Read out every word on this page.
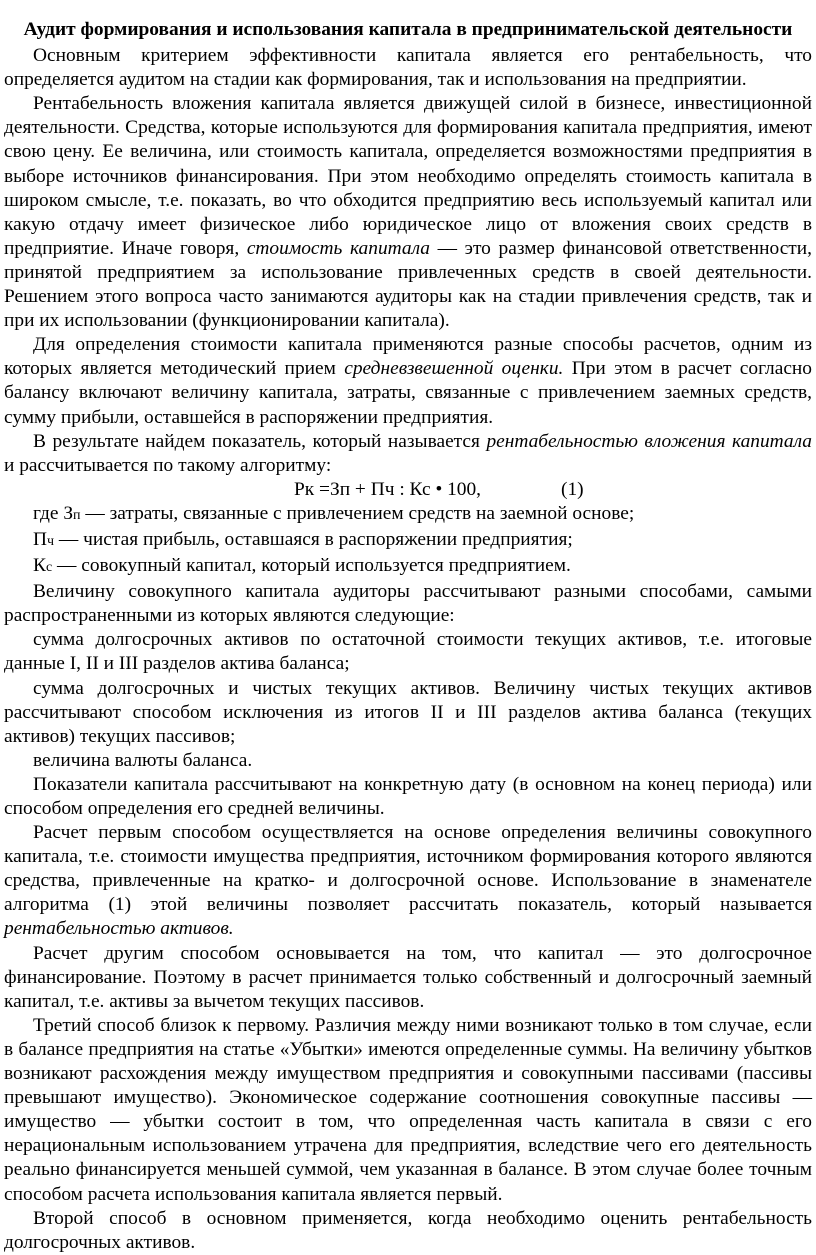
Аудит формирования и использования капитала в предпринимательской деятельности

Основным критерием эффективности капитала является его рентабельность, что определяется аудитом на стадии как формирования, так и использования на предприятии.

Рентабельность вложения капитала является движущей силой в бизнесе, инвестиционной деятельности. Средства, которые используются для формирования капитала предприятия, имеют свою цену. Ее величина, или стоимость капитала, определяется возможностями предприятия в выборе источников финансирования. При этом необходимо определять стоимость капитала в широком смысле, т.е. показать, во что обходится предприятию весь используемый капитал или какую отдачу имеет физическое либо юридическое лицо от вложения своих средств в предприятие. Иначе говоря, стоимость капитала — это размер финансовой ответственности, принятой предприятием за использование привлеченных средств в своей деятельности. Решением этого вопроса часто занимаются аудиторы как на стадии привлечения средств, так и при их использовании (функционировании капитала).

Для определения стоимости капитала применяются разные способы расчетов, одним из которых является методический прием средневзвешенной оценки. При этом в расчет согласно балансу включают величину капитала, затраты, связанные с привлечением заемных средств, сумму прибыли, оставшейся в распоряжении предприятия.

В результате найдем показатель, который называется рентабельностью вложения капитала и рассчитывается по такому алгоритму:

Рк =Зп + Пч : Кс • 100,	(1)

где Зп — затраты, связанные с привлечением средств на заемной основе;

Пч — чистая прибыль, оставшаяся в распоряжении предприятия;

Кс — совокупный капитал, который используется предприятием.

Величину совокупного капитала аудиторы рассчитывают разными способами, самыми распространенными из которых являются следующие:

сумма долгосрочных активов по остаточной стоимости текущих активов, т.е. итоговые данные I, II и III разделов актива баланса;

сумма долгосрочных и чистых текущих активов. Величину чистых текущих активов рассчитывают способом исключения из итогов II и III разделов актива баланса (текущих активов) текущих пассивов;

величина валюты баланса.

Показатели капитала рассчитывают на конкретную дату (в основном на конец периода) или способом определения его средней величины.

Расчет первым способом осуществляется на основе определения величины совокупного капитала, т.е. стоимости имущества предприятия, источником формирования которого являются средства, привлеченные на кратко- и долгосрочной основе. Использование в знаменателе алгоритма (1) этой величины позволяет рассчитать показатель, который называется рентабельностью активов.

Расчет другим способом основывается на том, что капитал — это долгосрочное финансирование. Поэтому в расчет принимается только собственный и долгосрочный заемный капитал, т.е. активы за вычетом текущих пассивов.

Третий способ близок к первому. Различия между ними возникают только в том случае, если в балансе предприятия на статье «Убытки» имеются определенные суммы. На величину убытков возникают расхождения между имуществом предприятия и совокупными пассивами (пассивы превышают имущество). Экономическое содержание соотношения совокупные пассивы — имущество — убытки состоит в том, что определенная часть капитала в связи с его нерациональным использованием утрачена для предприятия, вследствие чего его деятельность реально финансируется меньшей суммой, чем указанная в балансе. В этом случае более точным способом расчета использования капитала является первый.

Второй способ в основном применяется, когда необходимо оценить рентабельность долгосрочных активов.
